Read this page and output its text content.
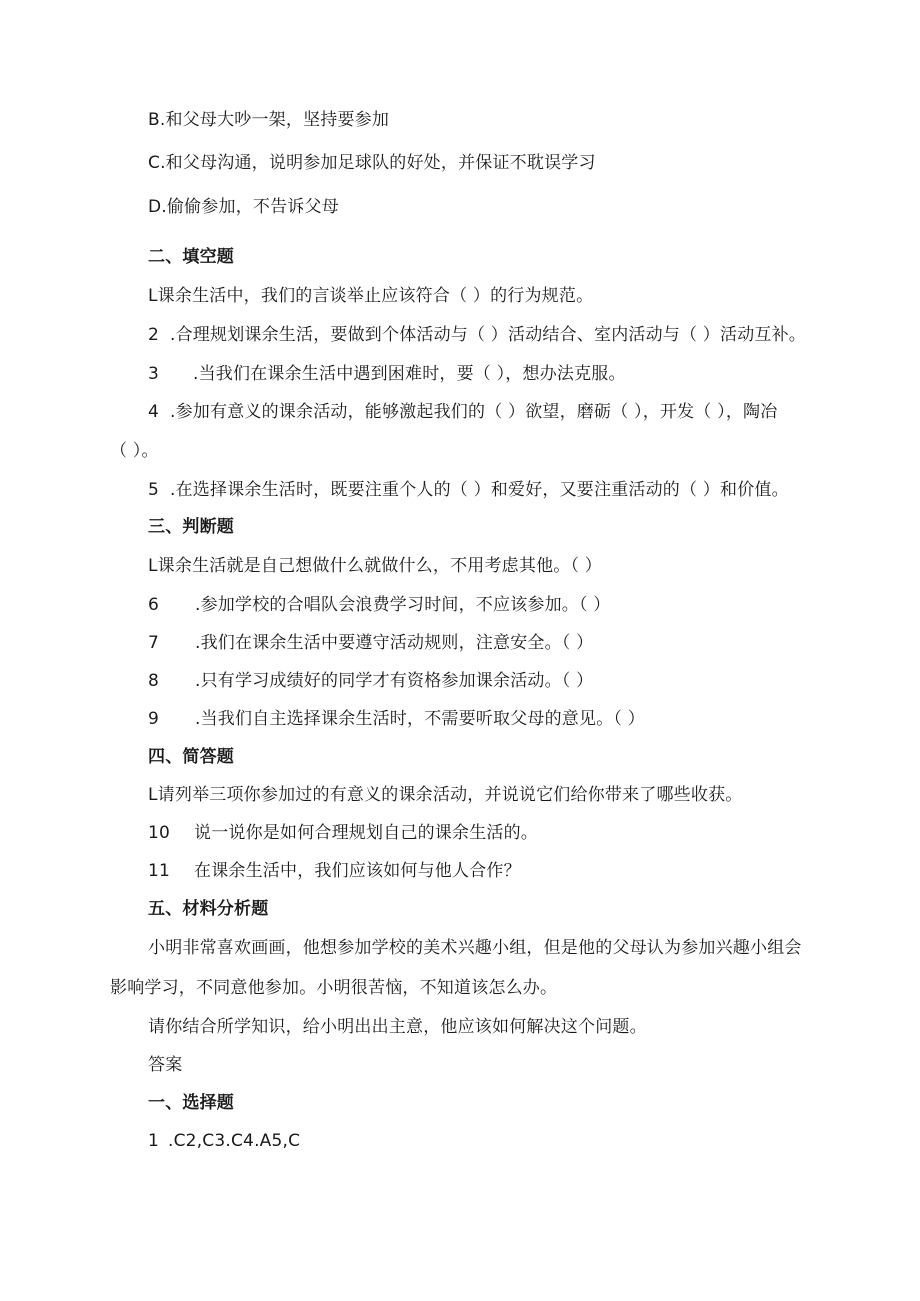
B.和父母大吵一架，坚持要参加
C.和父母沟通，说明参加足球队的好处，并保证不耽误学习
D.偷偷参加，不告诉父母
二、填空题
L课余生活中，我们的言谈举止应该符合（ ）的行为规范。
2 .合理规划课余生活，要做到个体活动与（ ）活动结合、室内活动与（ ）活动互补。
3 .当我们在课余生活中遇到困难时，要（ ），想办法克服。
4 .参加有意义的课余活动，能够激起我们的（ ）欲望，磨砺（ ），开发（ ），陶冶
（ ）。
5 .在选择课余生活时，既要注重个人的（ ）和爱好，又要注重活动的（ ）和价值。
三、判断题
L课余生活就是自己想做什么就做什么，不用考虑其他。（ ）
6 .参加学校的合唱队会浪费学习时间，不应该参加。（ ）
7 .我们在课余生活中要遵守活动规则，注意安全。（ ）
8 .只有学习成绩好的同学才有资格参加课余活动。（ ）
9 .当我们自主选择课余生活时，不需要听取父母的意见。（ ）
四、简答题
L请列举三项你参加过的有意义的课余活动，并说说它们给你带来了哪些收获。
10 说一说你是如何合理规划自己的课余生活的。
11 在课余生活中，我们应该如何与他人合作？
五、材料分析题
小明非常喜欢画画，他想参加学校的美术兴趣小组，但是他的父母认为参加兴趣小组会
影响学习，不同意他参加。小明很苦恼，不知道该怎么办。
请你结合所学知识，给小明出出主意，他应该如何解决这个问题。
答案
一、选择题
1 .C2,C3.C4.A5,C
